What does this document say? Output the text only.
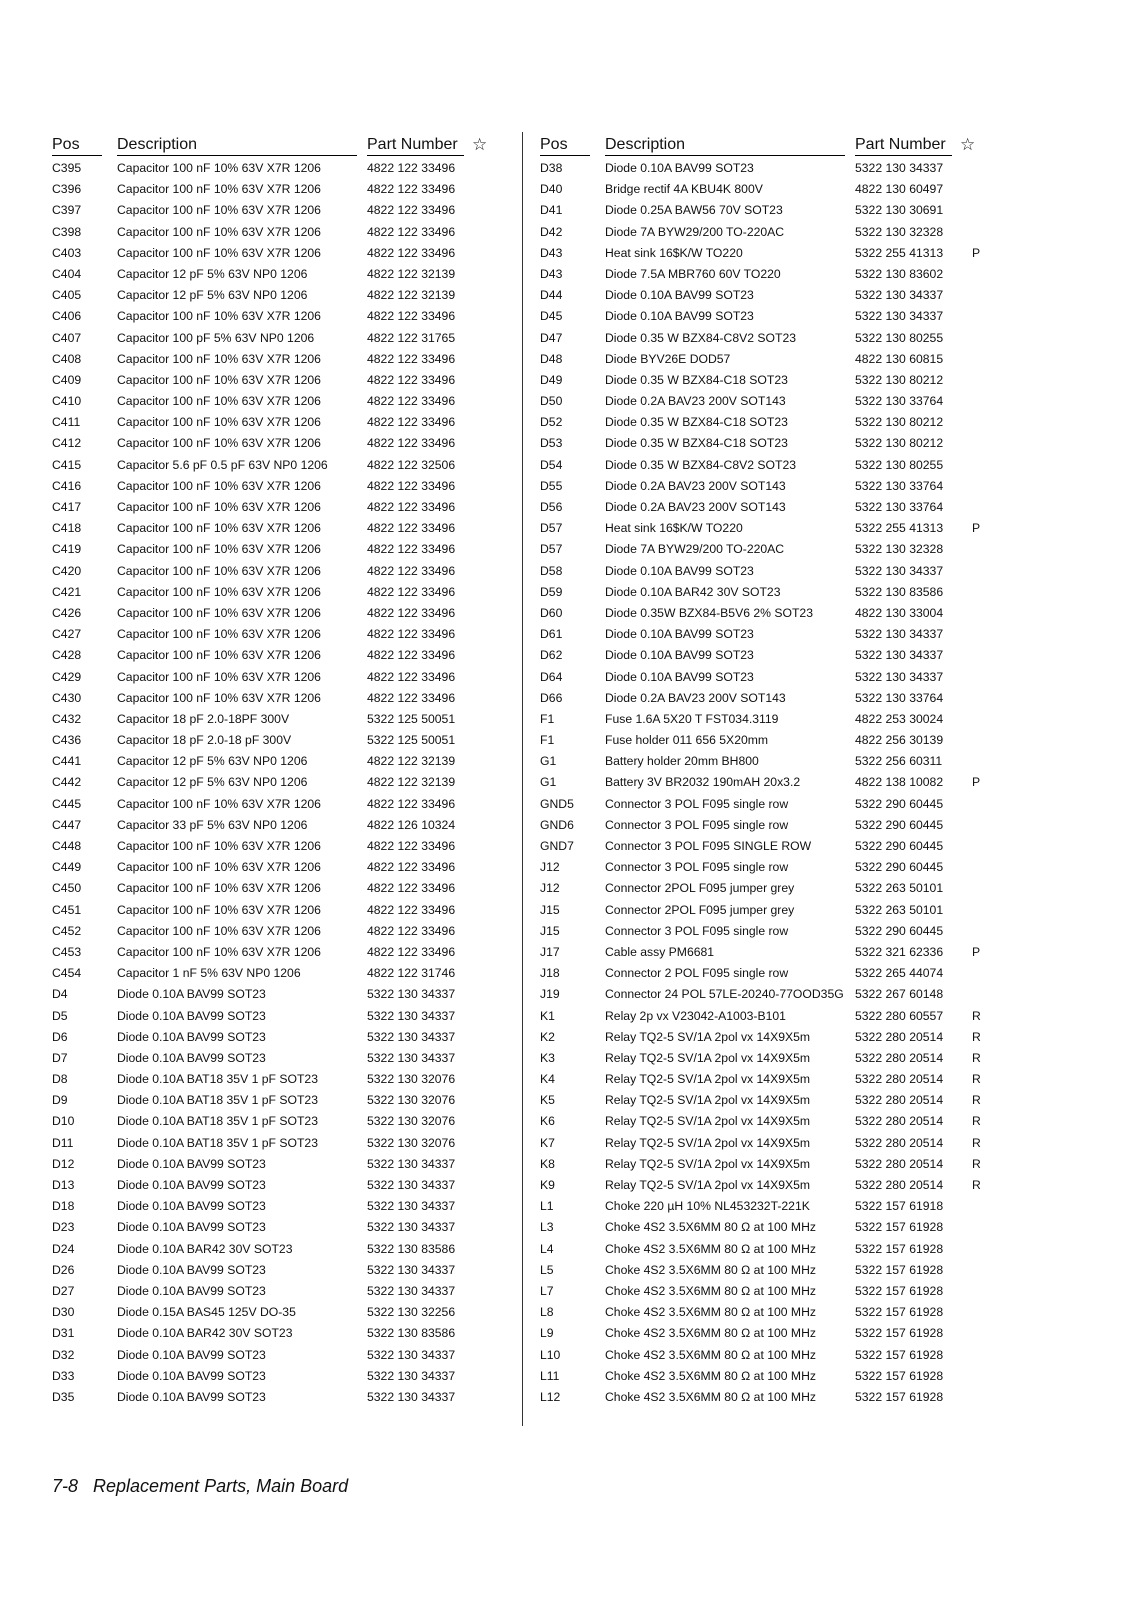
Pos	Description	Part Number ☆
C395	Capacitor 100 nF 10% 63V X7R 1206	4822 122 33496
C396	Capacitor 100 nF 10% 63V X7R 1206	4822 122 33496
C397	Capacitor 100 nF 10% 63V X7R 1206	4822 122 33496
C398	Capacitor 100 nF 10% 63V X7R 1206	4822 122 33496
C403	Capacitor 100 nF 10% 63V X7R 1206	4822 122 33496
C404	Capacitor 12 pF 5% 63V NP0 1206	4822 122 32139
C405	Capacitor 12 pF 5% 63V NP0 1206	4822 122 32139
C406	Capacitor 100 nF 10% 63V X7R 1206	4822 122 33496
C407	Capacitor 100 pF 5% 63V NP0 1206	4822 122 31765
C408	Capacitor 100 nF 10% 63V X7R 1206	4822 122 33496
C409	Capacitor 100 nF 10% 63V X7R 1206	4822 122 33496
C410	Capacitor 100 nF 10% 63V X7R 1206	4822 122 33496
C411	Capacitor 100 nF 10% 63V X7R 1206	4822 122 33496
C412	Capacitor 100 nF 10% 63V X7R 1206	4822 122 33496
C415	Capacitor 5.6 pF 0.5 pF 63V NP0 1206	4822 122 32506
C416	Capacitor 100 nF 10% 63V X7R 1206	4822 122 33496
C417	Capacitor 100 nF 10% 63V X7R 1206	4822 122 33496
C418	Capacitor 100 nF 10% 63V X7R 1206	4822 122 33496
C419	Capacitor 100 nF 10% 63V X7R 1206	4822 122 33496
C420	Capacitor 100 nF 10% 63V X7R 1206	4822 122 33496
C421	Capacitor 100 nF 10% 63V X7R 1206	4822 122 33496
C426	Capacitor 100 nF 10% 63V X7R 1206	4822 122 33496
C427	Capacitor 100 nF 10% 63V X7R 1206	4822 122 33496
C428	Capacitor 100 nF 10% 63V X7R 1206	4822 122 33496
C429	Capacitor 100 nF 10% 63V X7R 1206	4822 122 33496
C430	Capacitor 100 nF 10% 63V X7R 1206	4822 122 33496
C432	Capacitor 18 pF 2.0-18PF 300V	5322 125 50051
C436	Capacitor 18 pF 2.0-18 pF 300V	5322 125 50051
C441	Capacitor 12 pF 5% 63V NP0 1206	4822 122 32139
C442	Capacitor 12 pF 5% 63V NP0 1206	4822 122 32139
C445	Capacitor 100 nF 10% 63V X7R 1206	4822 122 33496
C447	Capacitor 33 pF 5% 63V NP0 1206	4822 126 10324
C448	Capacitor 100 nF 10% 63V X7R 1206	4822 122 33496
C449	Capacitor 100 nF 10% 63V X7R 1206	4822 122 33496
C450	Capacitor 100 nF 10% 63V X7R 1206	4822 122 33496
C451	Capacitor 100 nF 10% 63V X7R 1206	4822 122 33496
C452	Capacitor 100 nF 10% 63V X7R 1206	4822 122 33496
C453	Capacitor 100 nF 10% 63V X7R 1206	4822 122 33496
C454	Capacitor 1 nF 5% 63V NP0 1206	4822 122 31746
D4	Diode 0.10A BAV99 SOT23	5322 130 34337
D5	Diode 0.10A BAV99 SOT23	5322 130 34337
D6	Diode 0.10A BAV99 SOT23	5322 130 34337
D7	Diode 0.10A BAV99 SOT23	5322 130 34337
D8	Diode 0.10A BAT18 35V 1 pF SOT23	5322 130 32076
D9	Diode 0.10A BAT18 35V 1 pF SOT23	5322 130 32076
D10	Diode 0.10A BAT18 35V 1 pF SOT23	5322 130 32076
D11	Diode 0.10A BAT18 35V 1 pF SOT23	5322 130 32076
D12	Diode 0.10A BAV99 SOT23	5322 130 34337
D13	Diode 0.10A BAV99 SOT23	5322 130 34337
D18	Diode 0.10A BAV99 SOT23	5322 130 34337
D23	Diode 0.10A BAV99 SOT23	5322 130 34337
D24	Diode 0.10A BAR42 30V SOT23	5322 130 83586
D26	Diode 0.10A BAV99 SOT23	5322 130 34337
D27	Diode 0.10A BAV99 SOT23	5322 130 34337
D30	Diode 0.15A BAS45 125V DO-35	5322 130 32256
D31	Diode 0.10A BAR42 30V SOT23	5322 130 83586
D32	Diode 0.10A BAV99 SOT23	5322 130 34337
D33	Diode 0.10A BAV99 SOT23	5322 130 34337
D35	Diode 0.10A BAV99 SOT23	5322 130 34337
Pos	Description	Part Number ☆
D38	Diode 0.10A BAV99 SOT23	5322 130 34337
D40	Bridge rectif 4A KBU4K 800V	4822 130 60497
D41	Diode 0.25A BAW56 70V SOT23	5322 130 30691
D42	Diode 7A BYW29/200 TO-220AC	5322 130 32328
D43	Heat sink 16$K/W TO220	5322 255 41313 P
D43	Diode 7.5A MBR760 60V TO220	5322 130 83602
D44	Diode 0.10A BAV99 SOT23	5322 130 34337
D45	Diode 0.10A BAV99 SOT23	5322 130 34337
D47	Diode 0.35 W BZX84-C8V2 SOT23	5322 130 80255
D48	Diode BYV26E DOD57	4822 130 60815
D49	Diode 0.35 W BZX84-C18 SOT23	5322 130 80212
D50	Diode 0.2A BAV23 200V SOT143	5322 130 33764
D52	Diode 0.35 W BZX84-C18 SOT23	5322 130 80212
D53	Diode 0.35 W BZX84-C18 SOT23	5322 130 80212
D54	Diode 0.35 W BZX84-C8V2 SOT23	5322 130 80255
D55	Diode 0.2A BAV23 200V SOT143	5322 130 33764
D56	Diode 0.2A BAV23 200V SOT143	5322 130 33764
D57	Heat sink 16$K/W TO220	5322 255 41313 P
D57	Diode 7A BYW29/200 TO-220AC	5322 130 32328
D58	Diode 0.10A BAV99 SOT23	5322 130 34337
D59	Diode 0.10A BAR42 30V SOT23	5322 130 83586
D60	Diode 0.35W BZX84-B5V6 2% SOT23	4822 130 33004
D61	Diode 0.10A BAV99 SOT23	5322 130 34337
D62	Diode 0.10A BAV99 SOT23	5322 130 34337
D64	Diode 0.10A BAV99 SOT23	5322 130 34337
D66	Diode 0.2A BAV23 200V SOT143	5322 130 33764
F1	Fuse 1.6A 5X20 T FST034.3119	4822 253 30024
F1	Fuse holder 011 656 5X20mm	4822 256 30139
G1	Battery holder 20mm BH800	5322 256 60311
G1	Battery 3V BR2032 190mAH 20x3.2	4822 138 10082 P
GND5	Connector 3 POL F095 single row	5322 290 60445
GND6	Connector 3 POL F095 single row	5322 290 60445
GND7	Connector 3 POL F095 SINGLE ROW	5322 290 60445
J12	Connector 3 POL F095 single row	5322 290 60445
J12	Connector 2POL F095 jumper grey	5322 263 50101
J15	Connector 2POL F095 jumper grey	5322 263 50101
J15	Connector 3 POL F095 single row	5322 290 60445
J17	Cable assy PM6681	5322 321 62336 P
J18	Connector 2 POL F095 single row	5322 265 44074
J19	Connector 24 POL 57LE-20240-77OOD35G 5322 267 60148
K1	Relay 2p vx V23042-A1003-B101	5322 280 60557 R
K2	Relay TQ2-5 SV/1A 2pol vx 14X9X5m	5322 280 20514 R
K3	Relay TQ2-5 SV/1A 2pol vx 14X9X5m	5322 280 20514 R
K4	Relay TQ2-5 SV/1A 2pol vx 14X9X5m	5322 280 20514 R
K5	Relay TQ2-5 SV/1A 2pol vx 14X9X5m	5322 280 20514 R
K6	Relay TQ2-5 SV/1A 2pol vx 14X9X5m	5322 280 20514 R
K7	Relay TQ2-5 SV/1A 2pol vx 14X9X5m	5322 280 20514 R
K8	Relay TQ2-5 SV/1A 2pol vx 14X9X5m	5322 280 20514 R
K9	Relay TQ2-5 SV/1A 2pol vx 14X9X5m	5322 280 20514 R
L1	Choke 220 µH 10% NL453232T-221K	5322 157 61918
L3	Choke 4S2 3.5X6MM 80 Ω at 100 MHz	5322 157 61928
L4	Choke 4S2 3.5X6MM 80 Ω at 100 MHz	5322 157 61928
L5	Choke 4S2 3.5X6MM 80 Ω at 100 MHz	5322 157 61928
L7	Choke 4S2 3.5X6MM 80 Ω at 100 MHz	5322 157 61928
L8	Choke 4S2 3.5X6MM 80 Ω at 100 MHz	5322 157 61928
L9	Choke 4S2 3.5X6MM 80 Ω at 100 MHz	5322 157 61928
L10	Choke 4S2 3.5X6MM 80 Ω at 100 MHz	5322 157 61928
L11	Choke 4S2 3.5X6MM 80 Ω at 100 MHz	5322 157 61928
L12	Choke 4S2 3.5X6MM 80 Ω at 100 MHz	5322 157 61928
7-8 Replacement Parts, Main Board
